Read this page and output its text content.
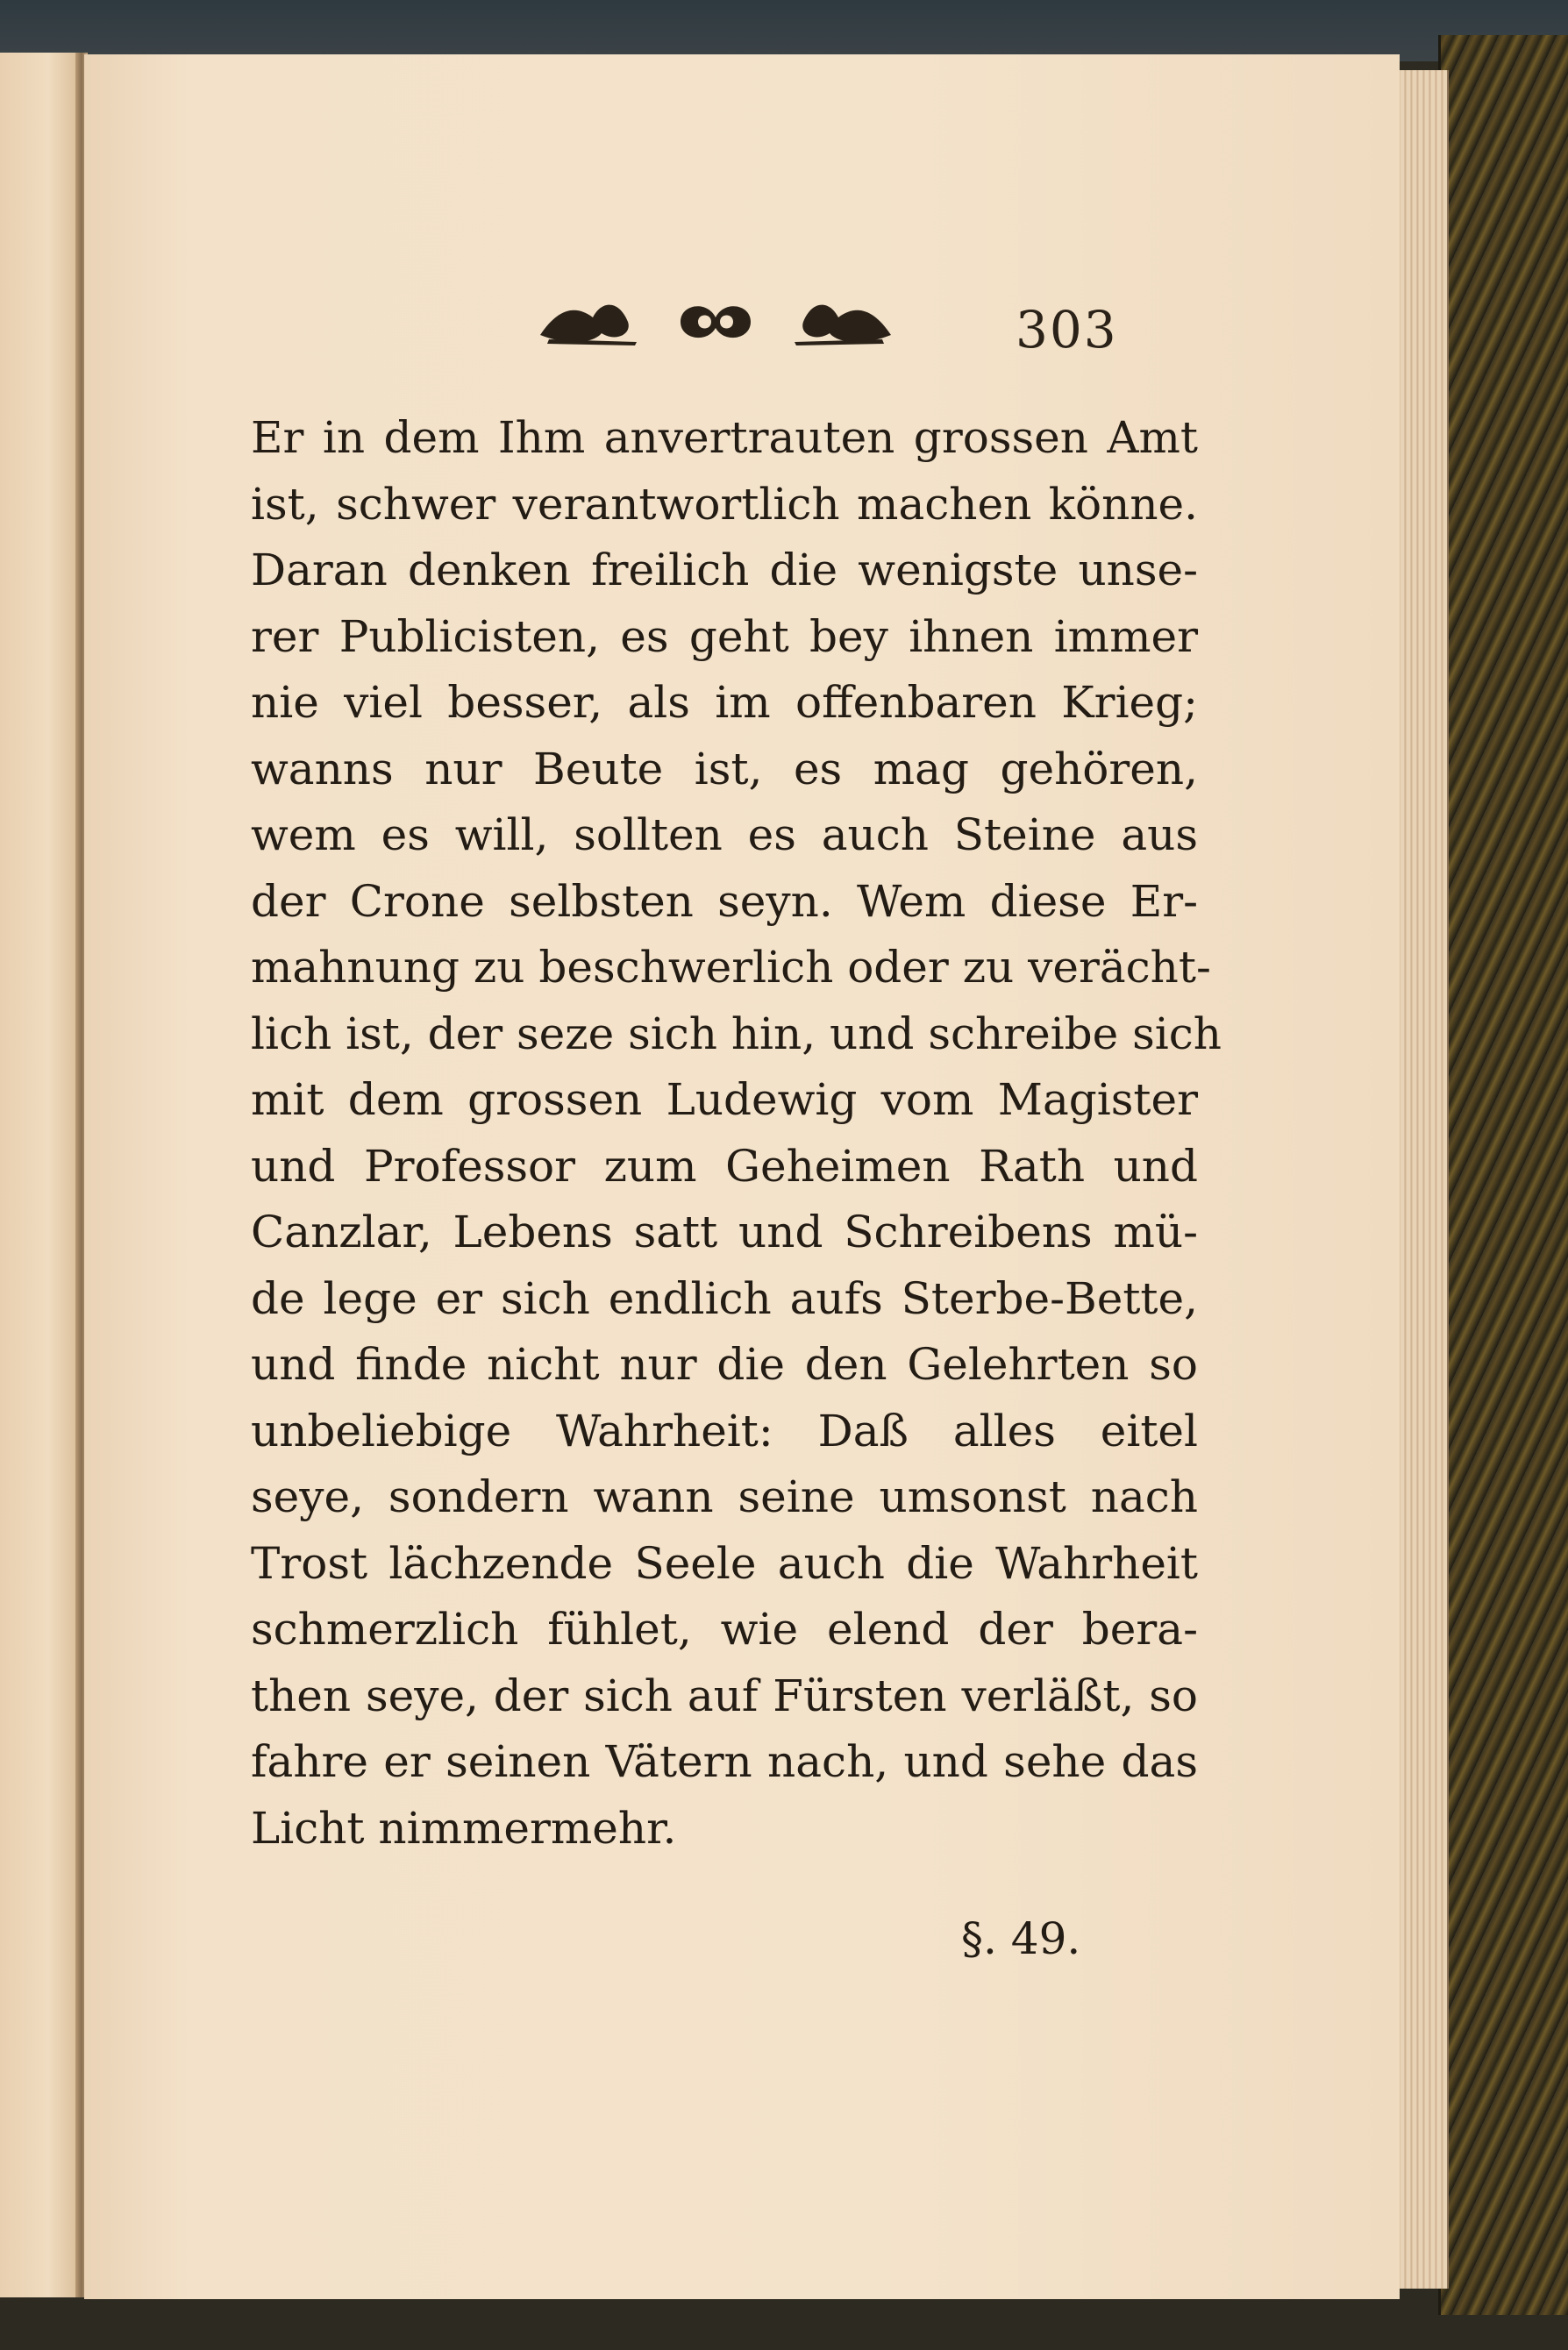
303
Er in dem Ihm anvertrauten grossen Amt
ist, schwer verantwortlich machen könne.
Daran denken freilich die wenigste unse-
rer Publicisten, es geht bey ihnen immer
nie viel besser, als im offenbaren Krieg;
wanns nur Beute ist, es mag gehören,
wem es will, sollten es auch Steine aus
der Crone selbsten seyn. Wem diese Er-
mahnung zu beschwerlich oder zu verächt-
lich ist, der seze sich hin, und schreibe sich
mit dem grossen Ludewig vom Magister
und Professor zum Geheimen Rath und
Canzlar, Lebens satt und Schreibens mü-
de lege er sich endlich aufs Sterbe-Bette,
und finde nicht nur die den Gelehrten so
unbeliebige Wahrheit: Daß alles eitel
seye, sondern wann seine umsonst nach
Trost lächzende Seele auch die Wahrheit
schmerzlich fühlet, wie elend der bera-
then seye, der sich auf Fürsten verläßt, so
fahre er seinen Vätern nach, und sehe das
Licht nimmermehr.
§. 49.
